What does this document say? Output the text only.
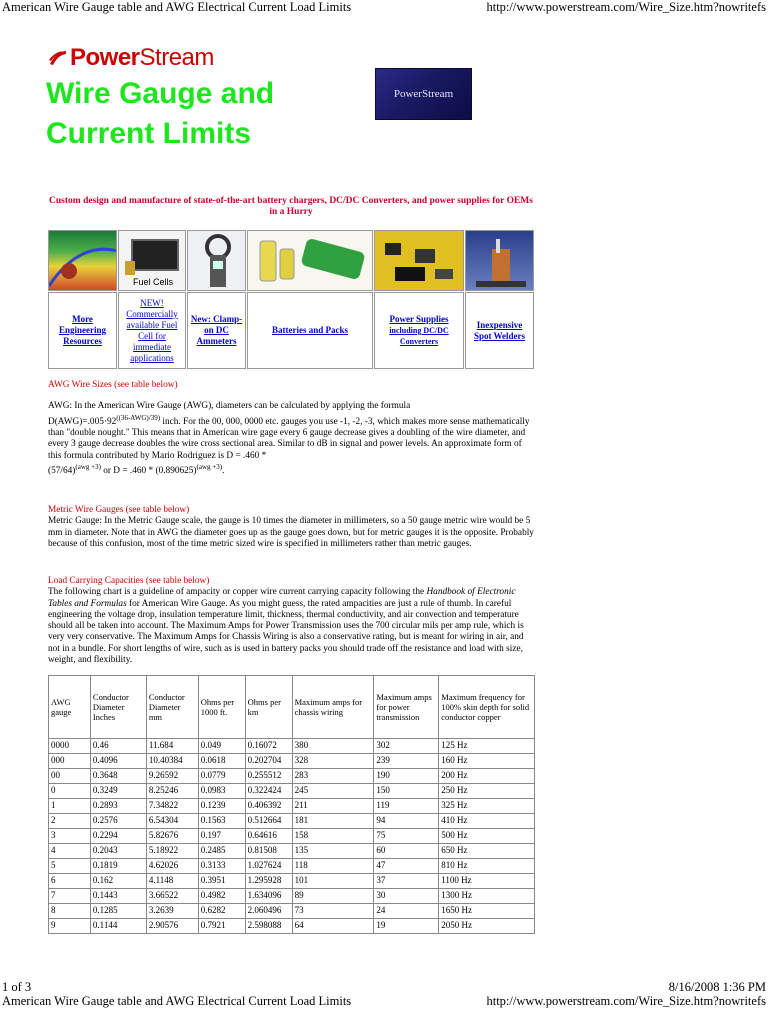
American Wire Gauge table and AWG Electrical Current Load Limits	http://www.powerstream.com/Wire_Size.htm?nowritefs
PowerStream
Wire Gauge and Current Limits
PowerStream
Custom design and manufacture of state-of-the-art battery chargers, DC/DC Converters, and power supplies for OEMs in a Hurry
Fuel Cells
More Engineering Resources
NEW! Commercially available Fuel Cell for immediate applications
New: Clamp-on DC Ammeters
Batteries and Packs
Power Supplies
including DC/DC Converters
Inexpensive Spot Welders
AWG Wire Sizes (see table below)
AWG: In the American Wire Gauge (AWG), diameters can be calculated by applying the formula
$D(AWG)=.005\cdot 92^{((36-AWG)/39)}$ inch. For the 00, 000, 0000 etc. gauges you use -1, -2, -3, which makes more sense mathematically than "double nought." This means that in American wire gage every 6 gauge decrease gives a doubling of the wire diameter, and every 3 gauge decrease doubles the wire cross sectional area. Similar to dB in signal and power levels. An approximate form of this formula contributed by Mario Rodriguez is D = .460 *
$(57/64)^{(awg +3)}$ or $D = .460 * (0.890625)^{(awg +3)}$.
Metric Wire Gauges (see table below)
Metric Gauge: In the Metric Gauge scale, the gauge is 10 times the diameter in millimeters, so a 50 gauge metric wire would be 5 mm in diameter. Note that in AWG the diameter goes up as the gauge goes down, but for metric gauges it is the opposite. Probably because of this confusion, most of the time metric sized wire is specified in millimeters rather than metric gauges.
Load Carrying Capacities (see table below)
The following chart is a guideline of ampacity or copper wire current carrying capacity following the Handbook of Electronic Tables and Formulas for American Wire Gauge. As you might guess, the rated ampacities are just a rule of thumb. In careful engineering the voltage drop, insulation temperature limit, thickness, thermal conductivity, and air convection and temperature should all be taken into account. The Maximum Amps for Power Transmission uses the 700 circular mils per amp rule, which is very very conservative. The Maximum Amps for Chassis Wiring is also a conservative rating, but is meant for wiring in air, and not in a bundle. For short lengths of wire, such as is used in battery packs you should trade off the resistance and load with size, weight, and flexibility.
AWG gauge	Conductor Diameter Inches	Conductor Diameter mm	Ohms per 1000 ft.	Ohms per km	Maximum amps for chassis wiring	Maximum amps for power transmission	Maximum frequency for 100% skin depth for solid conductor copper
0000	0.46	11.684	0.049	0.16072	380	302	125 Hz
000	0.4096	10.40384	0.0618	0.202704	328	239	160 Hz
00	0.3648	9.26592	0.0779	0.255512	283	190	200 Hz
0	0.3249	8.25246	0.0983	0.322424	245	150	250 Hz
1	0.2893	7.34822	0.1239	0.406392	211	119	325 Hz
2	0.2576	6.54304	0.1563	0.512664	181	94	410 Hz
3	0.2294	5.82676	0.197	0.64616	158	75	500 Hz
4	0.2043	5.18922	0.2485	0.81508	135	60	650 Hz
5	0.1819	4.62026	0.3133	1.027624	118	47	810 Hz
6	0.162	4.1148	0.3951	1.295928	101	37	1100 Hz
7	0.1443	3.66522	0.4982	1.634096	89	30	1300 Hz
8	0.1285	3.2639	0.6282	2.060496	73	24	1650 Hz
9	0.1144	2.90576	0.7921	2.598088	64	19	2050 Hz
1 of 3	8/16/2008 1:36 PM
American Wire Gauge table and AWG Electrical Current Load Limits	http://www.powerstream.com/Wire_Size.htm?nowritefs
